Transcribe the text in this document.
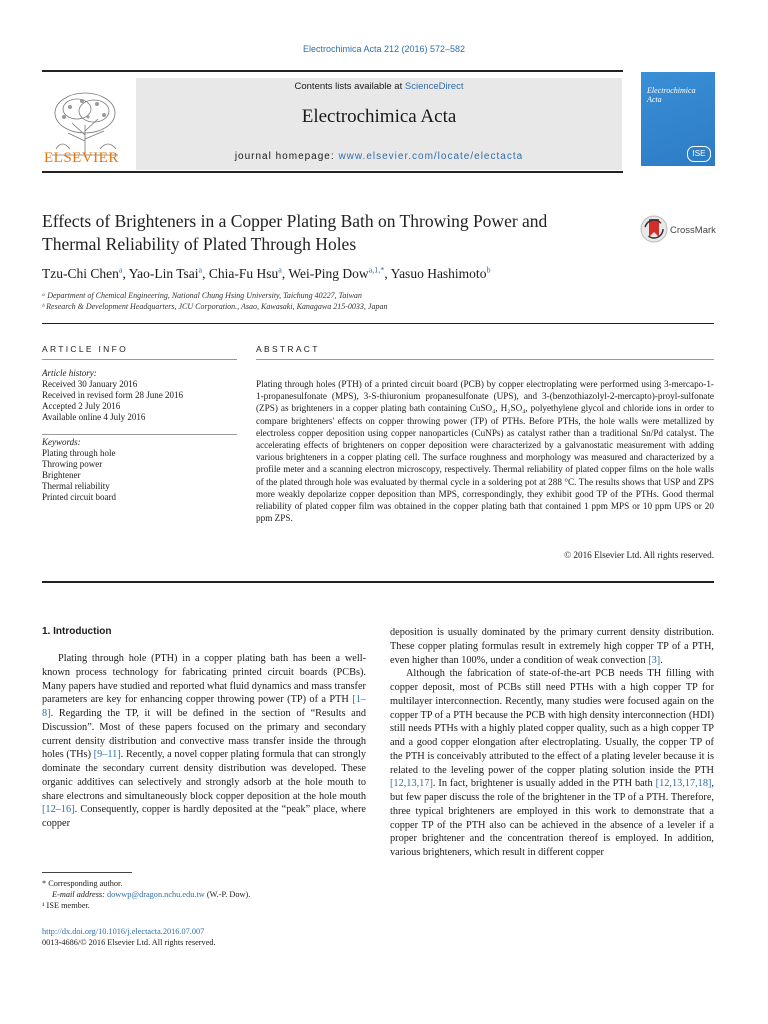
Electrochimica Acta 212 (2016) 572–582
Contents lists available at ScienceDirect
Electrochimica Acta
journal homepage: www.elsevier.com/locate/electacta
ELSEVIER
Electrochimica
Acta
ISE
Effects of Brighteners in a Copper Plating Bath on Throwing Power and
Thermal Reliability of Plated Through Holes
CrossMark
Tzu-Chi Chen$^a$, Yao-Lin Tsai$^a$, Chia-Fu Hsu$^a$, Wei-Ping Dow$^{a,1,*}$, Yasuo Hashimoto$^b$
ᵃ Department of Chemical Engineering, National Chung Hsing University, Taichung 40227, Taiwan
ᵇ Research & Development Headquarters, JCU Corporation., Asao, Kawasaki, Kanagawa 215-0033, Japan
ARTICLE INFO
Article history:
Received 30 January 2016
Received in revised form 28 June 2016
Accepted 2 July 2016
Available online 4 July 2016
Keywords:
Plating through hole
Throwing power
Brightener
Thermal reliability
Printed circuit board
ABSTRACT
Plating through holes (PTH) of a printed circuit board (PCB) by copper electroplating were performed using 3-mercapo-1-1-propanesulfonate (MPS), 3-S-thiuronium propanesulfonate (UPS), and 3-(benzothiazolyl-2-mercapto)-proyl-sulfonate (ZPS) as brighteners in a copper plating bath containing CuSO₄, H₂SO₄, polyethylene glycol and chloride ions in order to compare brighteners' effects on copper throwing power (TP) of PTHs. Before PTHs, the hole walls were metallized by electroless copper deposition using copper nanoparticles (CuNPs) as catalyst rather than a traditional Sn/Pd catalyst. The accelerating effects of brighteners on copper deposition were characterized by a galvanostatic measurement with adding various brighteners in a copper plating cell. The surface roughness and morphology was measured and characterized by a profile meter and a scanning electron microscopy, respectively. Thermal reliability of plated copper films on the hole walls of the plated through hole was evaluated by thermal cycle in a soldering pot at 288 °C. The results shows that USP and ZPS more weakly depolarize copper deposition than MPS, correspondingly, they exhibit good TP of the PTHs. Good thermal reliability of plated copper film was obtained in the copper plating bath that contained 1 ppm MPS or 10 ppm UPS or 20 ppm ZPS.
© 2016 Elsevier Ltd. All rights reserved.
1. Introduction

Plating through hole (PTH) in a copper plating bath has been a well-known process technology for fabricating printed circuit boards (PCBs). Many papers have studied and reported what fluid dynamics and mass transfer parameters are key for enhancing copper throwing power (TP) of a PTH [1–8]. Regarding the TP, it will be defined in the section of “Results and Discussion”. Most of these papers focused on the primary and secondary current density distribution and convective mass transfer inside the through holes (THs) [9–11]. Recently, a novel copper plating formula that can strongly dominate the secondary current density distribution was developed. These organic additives can selectively and strongly adsorb at the hole mouth to share electrons and simultaneously block copper deposition at the hole mouth [12–16]. Consequently, copper is hardly deposited at the “peak” place, where copper

deposition is usually dominated by the primary current density distribution. These copper plating formulas result in extremely high copper TP of a PTH, even higher than 100%, under a condition of weak convection [3].

Although the fabrication of state-of-the-art PCB needs TH filling with copper deposit, most of PCBs still need PTHs with a high copper TP for multilayer interconnection. Recently, many studies were focused again on the copper TP of a PTH because the PCB with high density interconnection (HDI) still needs PTHs with a highly plated copper quality, such as a high copper TP and a good copper elongation after electroplating. Usually, the copper TP of the PTH is conceivably attributed to the effect of a plating leveler because it is related to the leveling power of the copper plating solution inside the PTH [12,13,17]. In fact, brightener is usually added in the PTH bath [12,13,17,18], but few paper discuss the role of the brightener in the TP of a PTH. Therefore, three typical brighteners are employed in this work to demonstrate that a copper TP of the PTH also can be achieved in the absence of a leveler if a proper brightener and the concentration thereof is employed. In addition, various brighteners, which result in different copper

* Corresponding author.
E-mail address: dowwp@dragon.nchu.edu.tw (W.-P. Dow).
¹ ISE member.
http://dx.doi.org/10.1016/j.electacta.2016.07.007
0013-4686/© 2016 Elsevier Ltd. All rights reserved.
